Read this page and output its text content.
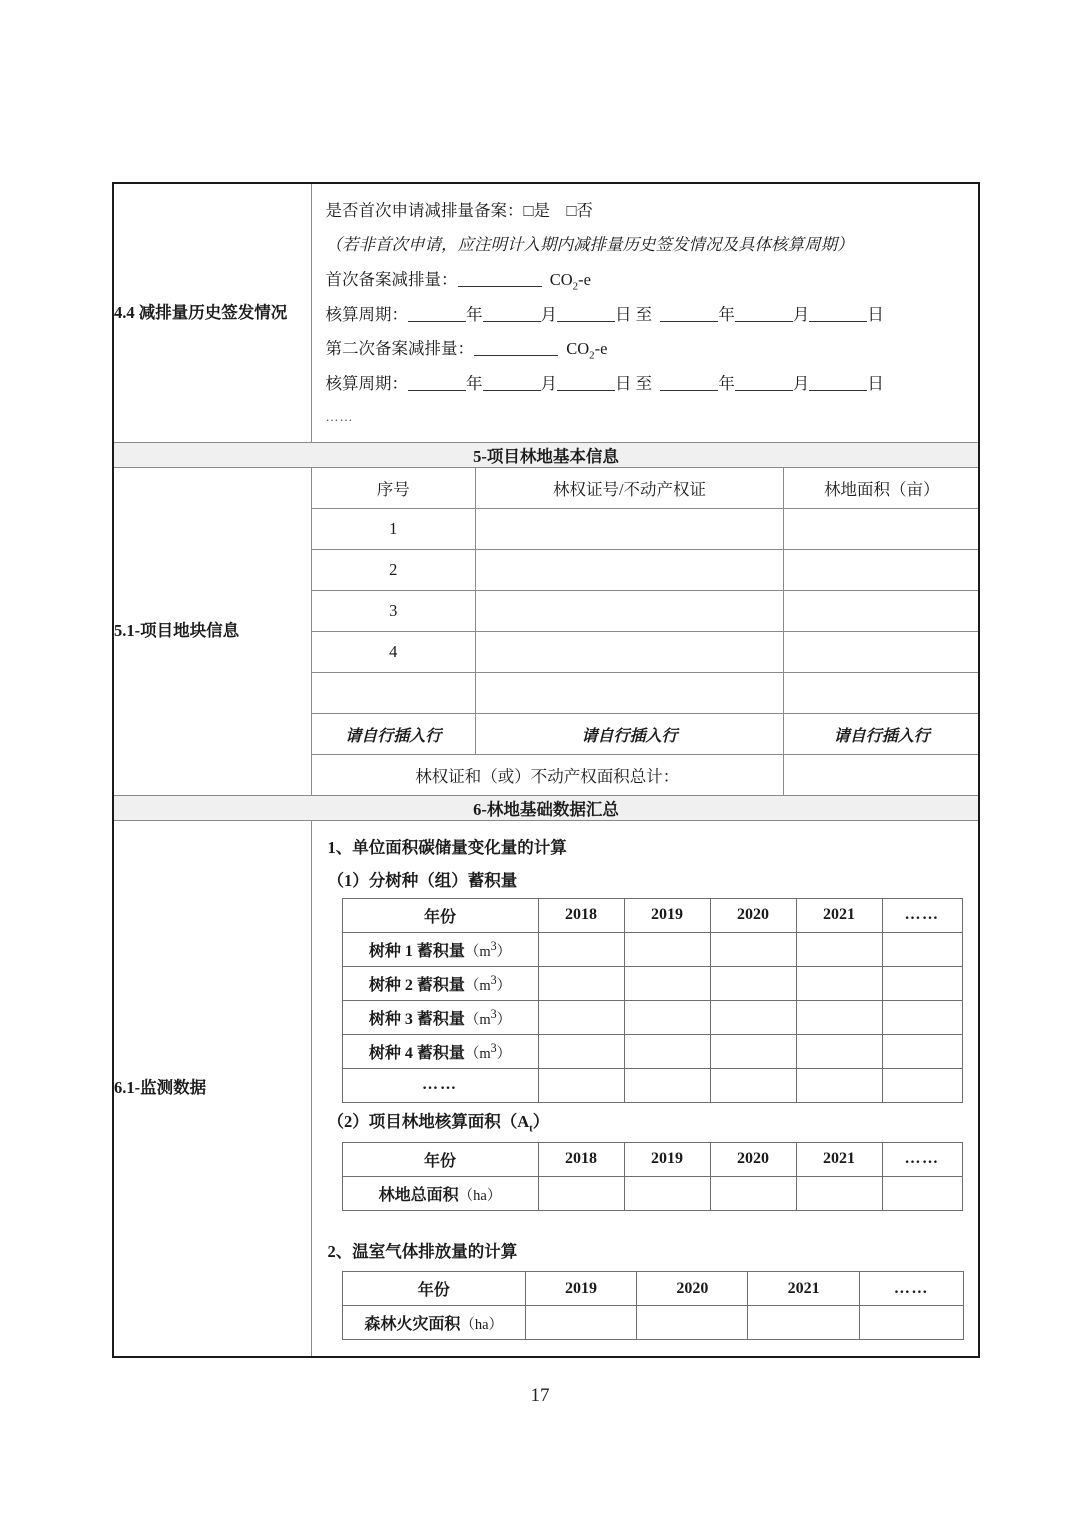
4.4 减排量历史签发情况	
是否首次申请减排量备案：□是 □否
（若非首次申请，应注明计入期内减排量历史签发情况及具体核算周期）
首次备案减排量：	$CO_2-e$
核算周期：	年	月	日 至	年	月	日
第二次备案减排量：	$CO_2-e$
核算周期：	年	月	日 至	年	月	日
……

5-项目林地基本信息
5.1-项目地块信息	
序号	林权证号/不动产权证	林地面积（亩）
1		
2		
3		
4		

请自行插入行	请自行插入行	请自行插入行
林权证和（或）不动产权面积总计：	

6-林地基础数据汇总
6.1-监测数据	
1、单位面积碳储量变化量的计算
（1）分树种（组）蓄积量
年份	2018	2019	2020	2021	……
树种 1 蓄积量$(m^3)$					
树种 2 蓄积量$(m^3)$					
树种 3 蓄积量$(m^3)$					
树种 4 蓄积量$(m^3)$					
……					
（2）项目林地核算面积$(A_t)$
年份	2018	2019	2020	2021	……
林地总面积（ha）					
2、温室气体排放量的计算
年份	2019	2020	2021	……
森林火灾面积（ha）				
17
